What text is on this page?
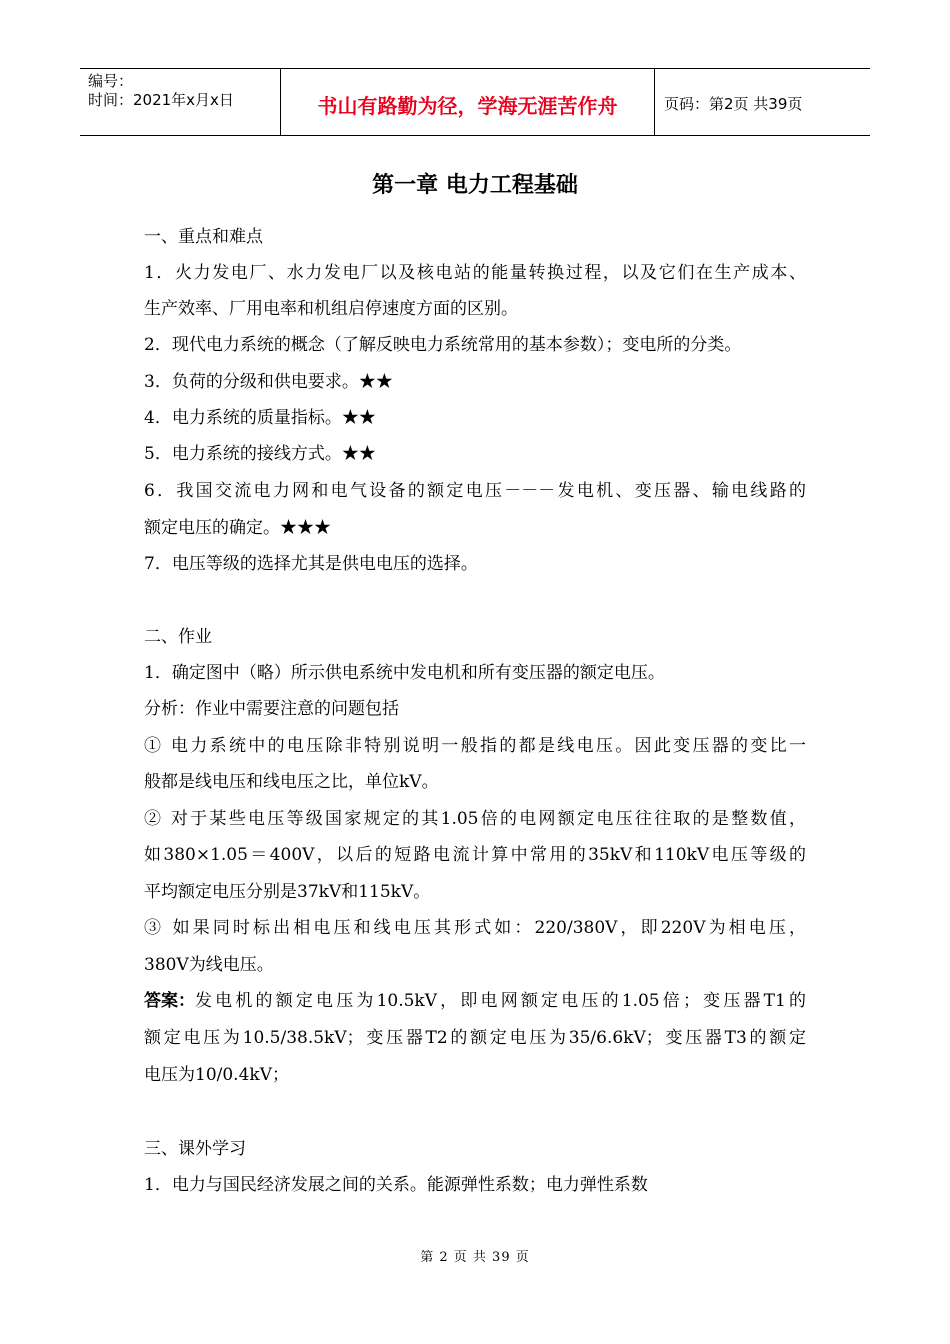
编号：
时间：2021年x月x日	书山有路勤为径，学海无涯苦作舟	页码：第2页 共39页
第一章 电力工程基础
一、重点和难点
1．火力发电厂、水力发电厂以及核电站的能量转换过程，以及它们在生产成本、
生产效率、厂用电率和机组启停速度方面的区别。
2．现代电力系统的概念（了解反映电力系统常用的基本参数）；变电所的分类。
3．负荷的分级和供电要求。★★
4．电力系统的质量指标。★★
5．电力系统的接线方式。★★
6．我国交流电力网和电气设备的额定电压－－－发电机、变压器、输电线路的
额定电压的确定。★★★
7．电压等级的选择尤其是供电电压的选择。
二、作业
1．确定图中（略）所示供电系统中发电机和所有变压器的额定电压。
分析：作业中需要注意的问题包括
① 电力系统中的电压除非特别说明一般指的都是线电压。因此变压器的变比一
般都是线电压和线电压之比，单位kV。
② 对于某些电压等级国家规定的其1.05倍的电网额定电压往往取的是整数值，
如380×1.05＝400V，以后的短路电流计算中常用的35kV和110kV电压等级的
平均额定电压分别是37kV和115kV。
③ 如果同时标出相电压和线电压其形式如：220/380V，即220V为相电压，
380V为线电压。
答案： 发电机的额定电压为10.5kV，即电网额定电压的1.05倍；变压器T1的
额定电压为10.5/38.5kV；变压器T2的额定电压为35/6.6kV；变压器T3的额定
电压为10/0.4kV；
三、课外学习
1．电力与国民经济发展之间的关系。能源弹性系数；电力弹性系数
第 2 页 共 39 页
